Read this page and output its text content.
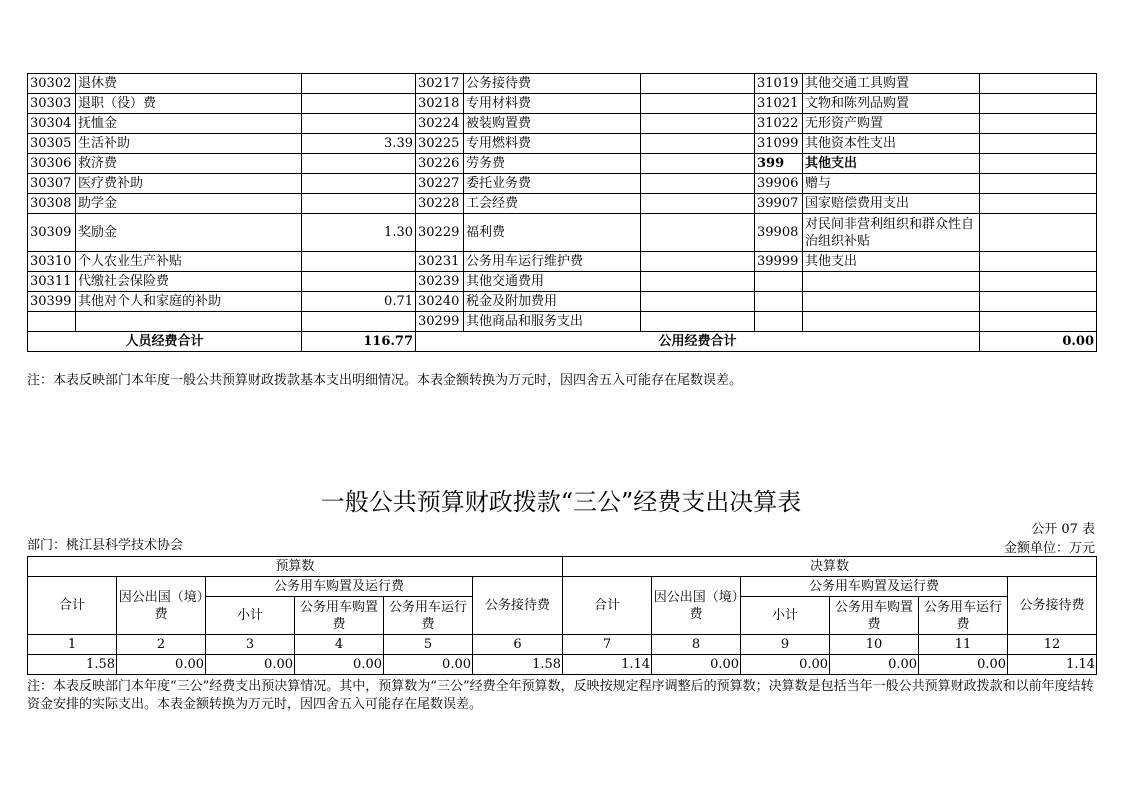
30302	退休费		30217	公务接待费		31019	其他交通工具购置	
30303	退职（役）费		30218	专用材料费		31021	文物和陈列品购置	
30304	抚恤金		30224	被装购置费		31022	无形资产购置	
30305	生活补助	3.39	30225	专用燃料费		31099	其他资本性支出	
30306	救济费		30226	劳务费		399	其他支出	
30307	医疗费补助		30227	委托业务费		39906	赠与	
30308	助学金		30228	工会经费		39907	国家赔偿费用支出	
30309	奖励金	1.30	30229	福利费		39908	对民间非营利组织和群众性自治组织补贴	
30310	个人农业生产补贴		30231	公务用车运行维护费		39999	其他支出	
30311	代缴社会保险费		30239	其他交通费用				
30399	其他对个人和家庭的补助	0.71	30240	税金及附加费用				
			30299	其他商品和服务支出				
人员经费合计		116.77	公用经费合计					0.00
注：本表反映部门本年度一般公共预算财政拨款基本支出明细情况。本表金额转换为万元时，因四舍五入可能存在尾数误差。
一般公共预算财政拨款“三公”经费支出决算表
公开 07 表
部门：桃江县科学技术协会	金额单位：万元
预算数						决算数					
合计	因公出国（境）费	公务用车购置及运行费			公务接待费	合计	因公出国（境）费	公务用车购置及运行费			公务接待费
		小计	公务用车购置费	公务用车运行费				小计	公务用车购置费	公务用车运行费	
1	2	3	4	5	6	7	8	9	10	11	12
1.58	0.00	0.00	0.00	0.00	1.58	1.14	0.00	0.00	0.00	0.00	1.14
注：本表反映部门本年度“三公”经费支出预决算情况。其中，预算数为“三公”经费全年预算数，反映按规定程序调整后的预算数；决算数是包括当年一般公共预算财政拨款和以前年度结转资金安排的实际支出。本表金额转换为万元时，因四舍五入可能存在尾数误差。
